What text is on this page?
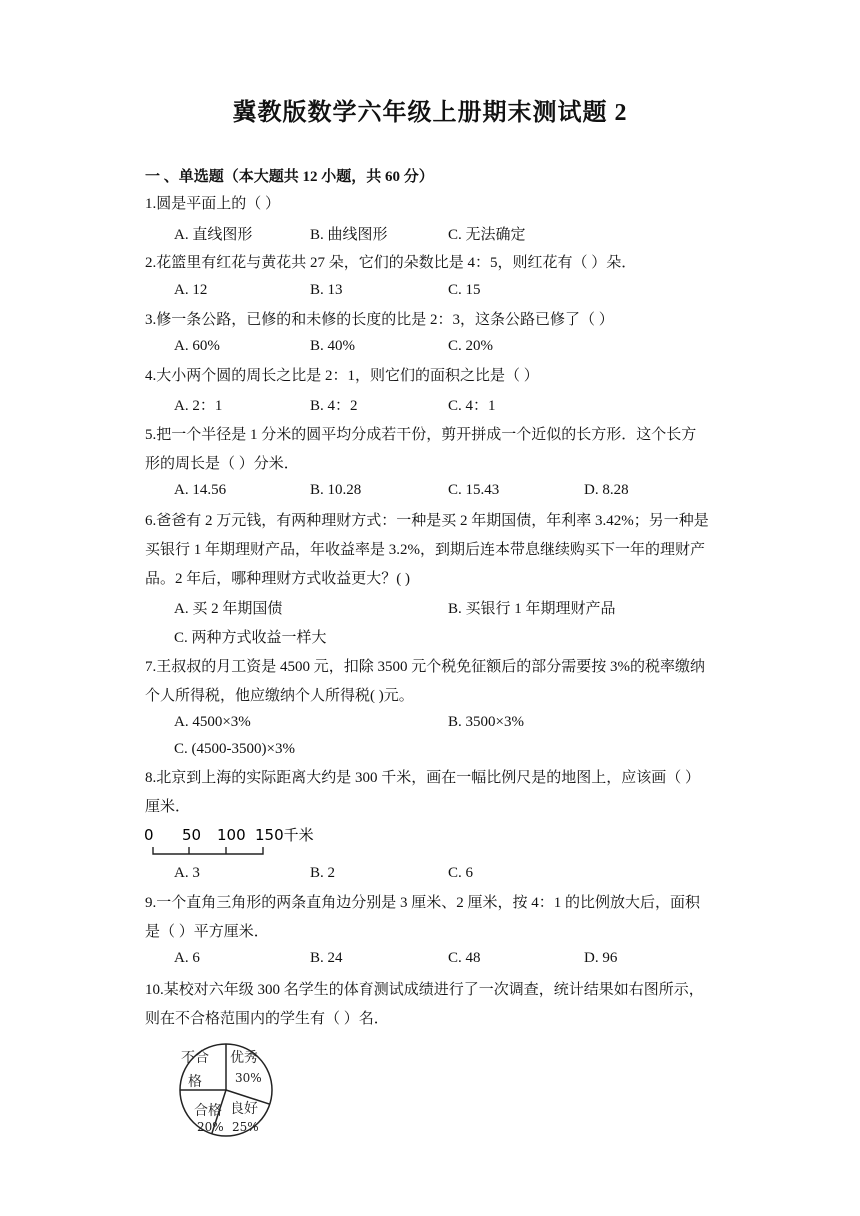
冀教版数学六年级上册期末测试题 2
一 、单选题（本大题共 12 小题，共 60 分）
1.圆是平面上的（ ）
A. 直线图形	B. 曲线图形	C. 无法确定
2.花篮里有红花与黄花共 27 朵，它们的朵数比是 4：5，则红花有（ ）朵．
A. 12	B. 13	C. 15
3.修一条公路，已修的和未修的长度的比是 2：3，这条公路已修了（ ）
A. 60%	B. 40%	C. 20%
4.大小两个圆的周长之比是 2：1，则它们的面积之比是（ ）
A. 2：1	B. 4：2	C. 4：1
5.把一个半径是 1 分米的圆平均分成若干份，剪开拼成一个近似的长方形．这个长方
形的周长是（ ）分米．
A. 14.56	B. 10.28	C. 15.43	D. 8.28
6.爸爸有 2 万元钱，有两种理财方式：一种是买 2 年期国债，年利率 3.42%；另一种是
买银行 1 年期理财产品，年收益率是 3.2%，到期后连本带息继续购买下一年的理财产
品。2 年后，哪种理财方式收益更大？( )
A. 买 2 年期国债	B. 买银行 1 年期理财产品
C. 两种方式收益一样大
7.王叔叔的月工资是 4500 元，扣除 3500 元个税免征额后的部分需要按 3%的税率缴纳
个人所得税，他应缴纳个人所得税( )元。
A. 4500×3%	B. 3500×3%
C. (4500-3500)×3%
8.北京到上海的实际距离大约是 300 千米，画在一幅比例尺是的地图上，应该画（ ）
厘米．
0 50 100 150千米
A. 3	B. 2	C. 6
9.一个直角三角形的两条直角边分别是 3 厘米、2 厘米，按 4：1 的比例放大后，面积
是（ ）平方厘米．
A. 6	B. 24	C. 48	D. 96
10.某校对六年级 300 名学生的体育测试成绩进行了一次调查，统计结果如右图所示，
则在不合格范围内的学生有（ ）名．
不合
格
优秀
30%
良好
25%
合格
20%
